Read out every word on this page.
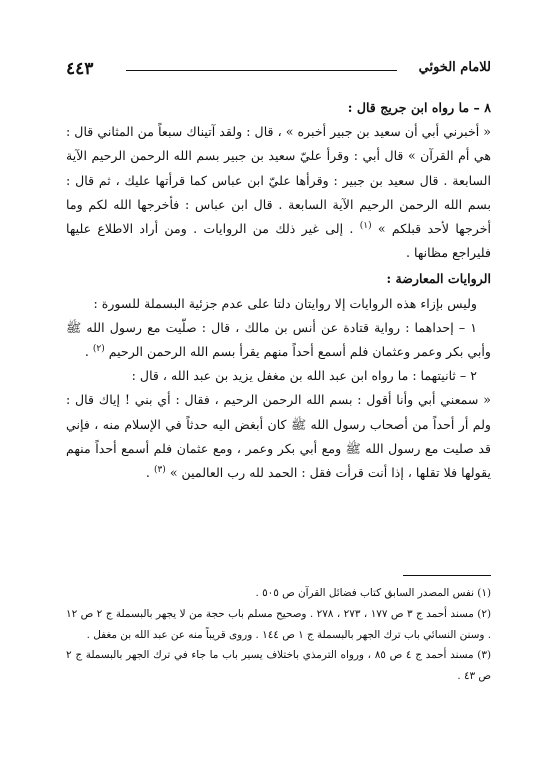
٤٤٣	للامام الخوئي

٨ – ما رواه ابن جريج قال :

« أخبرني أبي أن سعيد بن جبير أخبره » ، قال : ولقد آتيناك سبعاً من المثاني قال : هي أم القرآن » قال أبي : وقرأ عليّ سعيد بن جبير بسم الله الرحمن الرحيم الآية السابعة . قال سعيد بن جبير : وقرأها عليّ ابن عباس كما قرأتها عليك ، ثم قال : بسم الله الرحمن الرحيم الآية السابعة . قال ابن عباس : فأخرجها الله لكم وما أخرجها لأحد قبلكم » $^{(١)}$ . إلى غير ذلك من الروايات . ومن أراد الاطلاع عليها فليراجع مظانها .

الروايات المعارضة :

وليس بإزاء هذه الروايات إلا روايتان دلتا على عدم جزئية البسملة للسورة :

١ – إحداهما : رواية قتادة عن أنس بن مالك ، قال : صلّيت مع رسول الله ﷺ وأبي بكر وعمر وعثمان فلم أسمع أحداً منهم يقرأ بسم الله الرحمن الرحيم $^{(٢)}$ .

٢ – ثانيتهما : ما رواه ابن عبد الله بن مغفل يزيد بن عبد الله ، قال :

« سمعني أبي وأنا أقول : بسم الله الرحمن الرحيم ، فقال : أي بني ! إياك قال : ولم أر أحداً من أصحاب رسول الله ﷺ كان أبغض اليه حدثاً في الإسلام منه ، فإني قد صليت مع رسول الله ﷺ ومع أبي بكر وعمر ، ومع عثمان فلم أسمع أحداً منهم يقولها فلا تقلها ، إذا أنت قرأت فقل : الحمد لله رب العالمين » $^{(٣)}$ .

(١) نفس المصدر السابق كتاب فضائل القرآن ص ٥٠٥ .

(٢) مسند أحمد ج ٣ ص ١٧٧ ، ٢٧٣ ، ٢٧٨ . وصحيح مسلم باب حجة من لا يجهر بالبسملة ج ٢ ص ١٢ . وسنن النسائي باب ترك الجهر بالبسملة ج ١ ص ١٤٤ . وروى قريباً منه عن عبد الله بن مغفل .

(٣) مسند أحمد ج ٤ ص ٨٥ ، ورواه الترمذي باختلاف يسير باب ما جاء في ترك الجهر بالبسملة ج ٢ ص ٤٣ .
